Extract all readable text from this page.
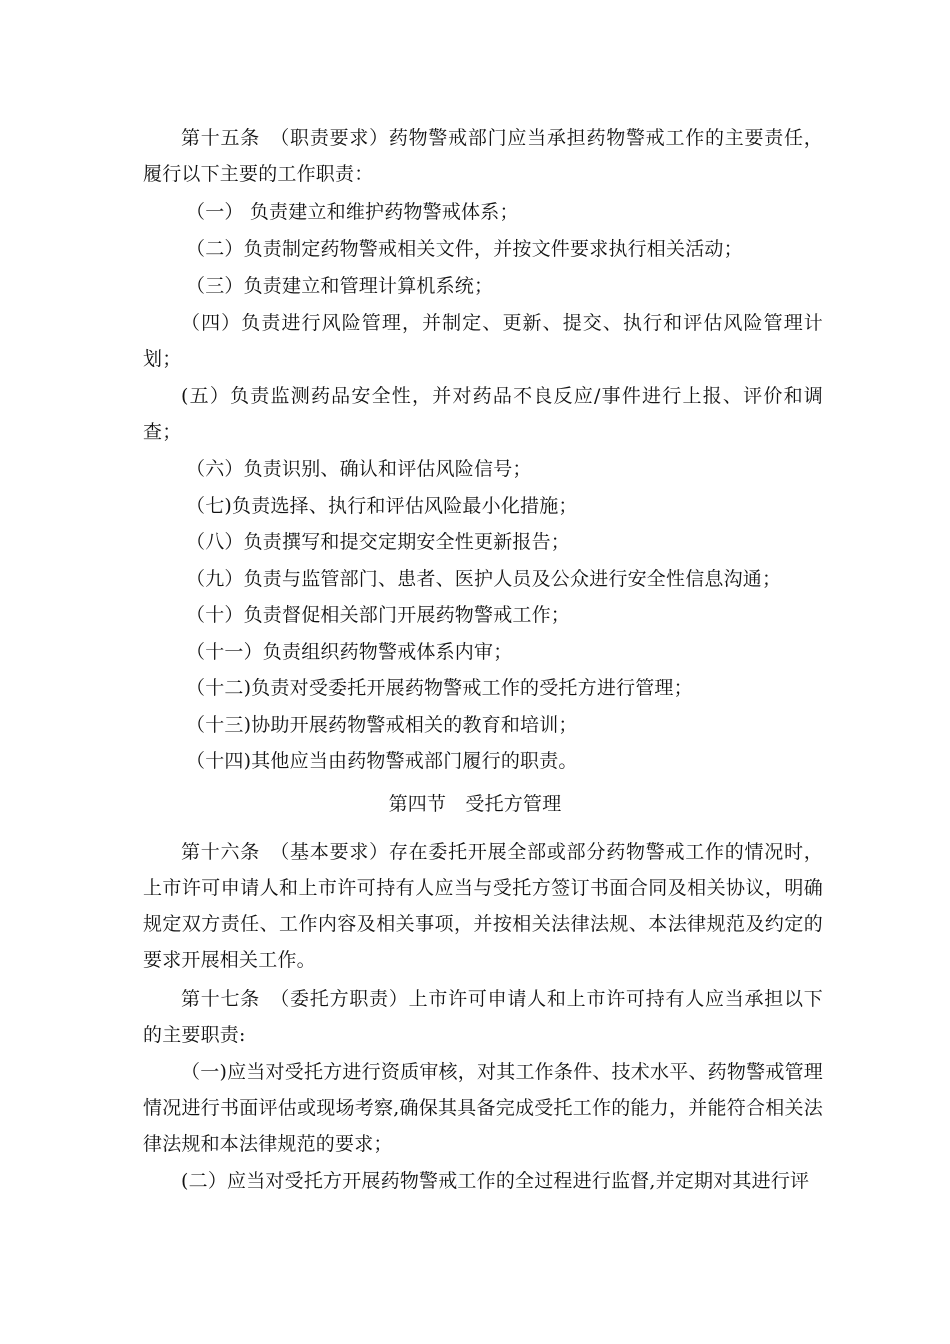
第十五条　（职责要求）药物警戒部门应当承担药物警戒工作的主要责任，履行以下主要的工作职责：

（一） 负责建立和维护药物警戒体系；

（二）负责制定药物警戒相关文件，并按文件要求执行相关活动；

（三）负责建立和管理计算机系统；

（四）负责进行风险管理，并制定、更新、提交、执行和评估风险管理计划；

(五）负责监测药品安全性，并对药品不良反应/事件进行上报、评价和调查；

（六）负责识别、确认和评估风险信号；

（七)负责选择、执行和评估风险最小化措施；

（八）负责撰写和提交定期安全性更新报告；

（九）负责与监管部门、患者、医护人员及公众进行安全性信息沟通；

（十）负责督促相关部门开展药物警戒工作；

（十一）负责组织药物警戒体系内审；

（十二)负责对受委托开展药物警戒工作的受托方进行管理；

（十三)协助开展药物警戒相关的教育和培训；

（十四)其他应当由药物警戒部门履行的职责。

第四节　受托方管理

第十六条　（基本要求）存在委托开展全部或部分药物警戒工作的情况时，上市许可申请人和上市许可持有人应当与受托方签订书面合同及相关协议，明确规定双方责任、工作内容及相关事项，并按相关法律法规、本法律规范及约定的要求开展相关工作。

第十七条　（委托方职责）上市许可申请人和上市许可持有人应当承担以下的主要职责:

（一)应当对受托方进行资质审核，对其工作条件、技术水平、药物警戒管理情况进行书面评估或现场考察,确保其具备完成受托工作的能力，并能符合相关法律法规和本法律规范的要求；

(二）应当对受托方开展药物警戒工作的全过程进行监督,并定期对其进行评
